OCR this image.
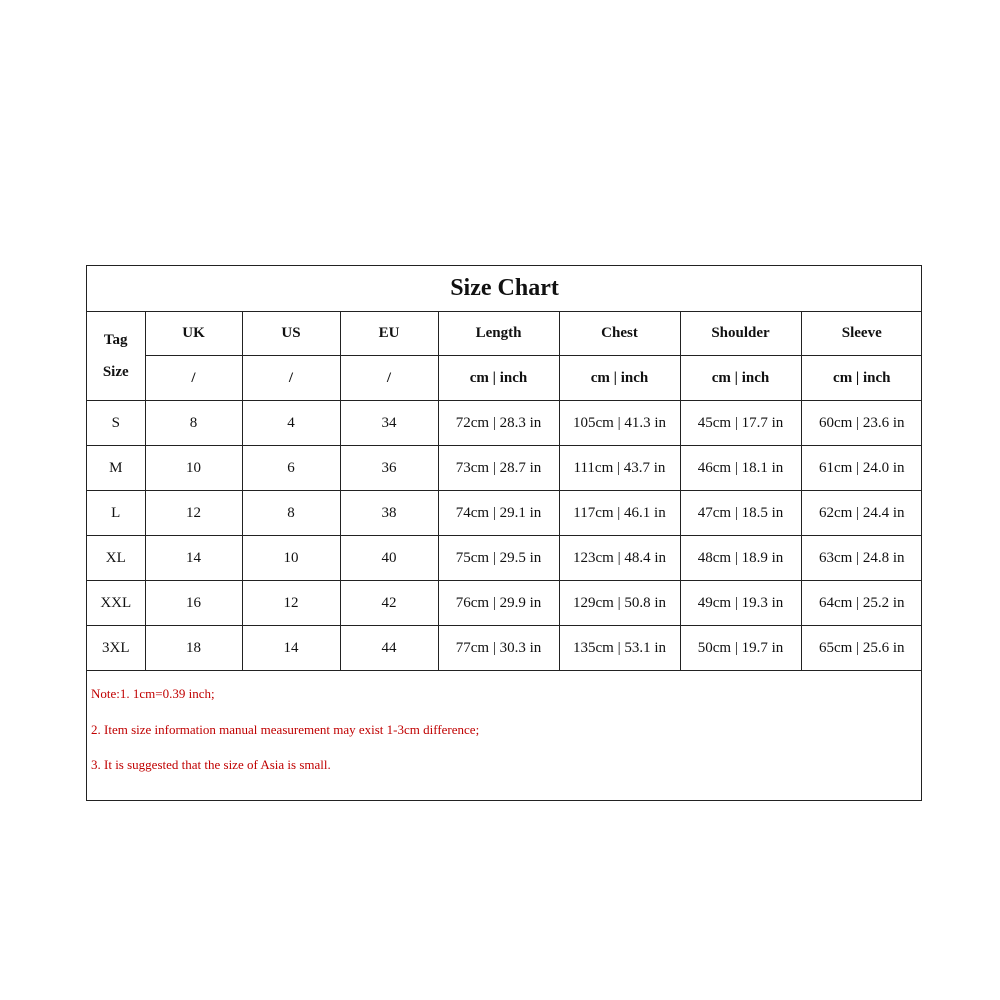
Size Chart							

Tag
Size	UK	US	EU	Length	Chest	Shoulder	Sleeve
	/	/	/	cm | inch	cm | inch	cm | inch	cm | inch
S	8	4	34	72cm | 28.3 in	105cm | 41.3 in	45cm | 17.7 in	60cm | 23.6 in
M	10	6	36	73cm | 28.7 in	111cm | 43.7 in	46cm | 18.1 in	61cm | 24.0 in
L	12	8	38	74cm | 29.1 in	117cm | 46.1 in	47cm | 18.5 in	62cm | 24.4 in
XL	14	10	40	75cm | 29.5 in	123cm | 48.4 in	48cm | 18.9 in	63cm | 24.8 in
XXL	16	12	42	76cm | 29.9 in	129cm | 50.8 in	49cm | 19.3 in	64cm | 25.2 in
3XL	18	14	44	77cm | 30.3 in	135cm | 53.1 in	50cm | 19.7 in	65cm | 25.6 in
Note:1. 1cm=0.39 inch;
2. Item size information manual measurement may exist 1-3cm difference;
3. It is suggested that the size of Asia is small.
